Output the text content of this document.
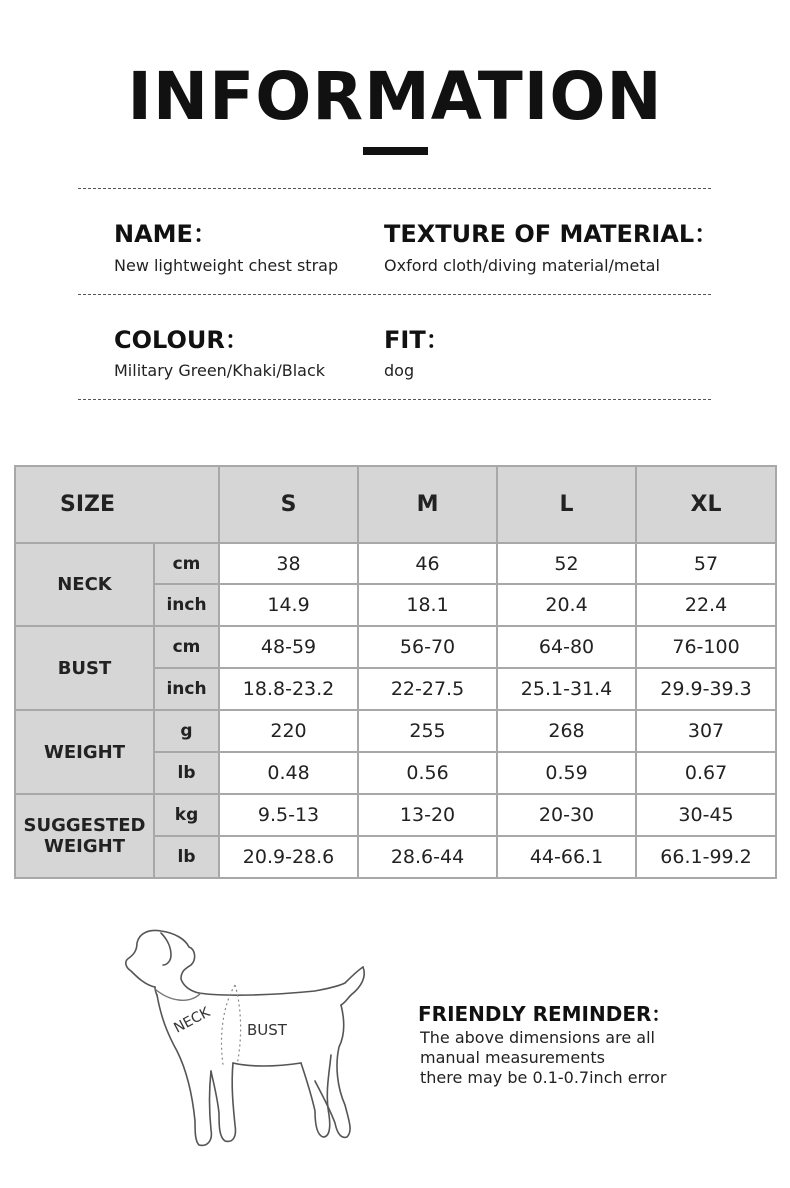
INFORMATION
NAME：
New lightweight chest strap
TEXTURE OF MATERIAL：
Oxford cloth/diving material/metal
COLOUR：
Military Green/Khaki/Black
FIT：
dog
SIZE		S	M	L	XL
NECK	cm	38	46	52	57
	inch	14.9	18.1	20.4	22.4
BUST	cm	48-59	56-70	64-80	76-100
	inch	18.8-23.2	22-27.5	25.1-31.4	29.9-39.3
WEIGHT	g	220	255	268	307
	lb	0.48	0.56	0.59	0.67
SUGGESTED
WEIGHT	kg	9.5-13	13-20	20-30	30-45
	lb	20.9-28.6	28.6-44	44-66.1	66.1-99.2
NECK BUST
FRIENDLY REMINDER：
The above dimensions are all
manual measurements
there may be 0.1-0.7inch error
